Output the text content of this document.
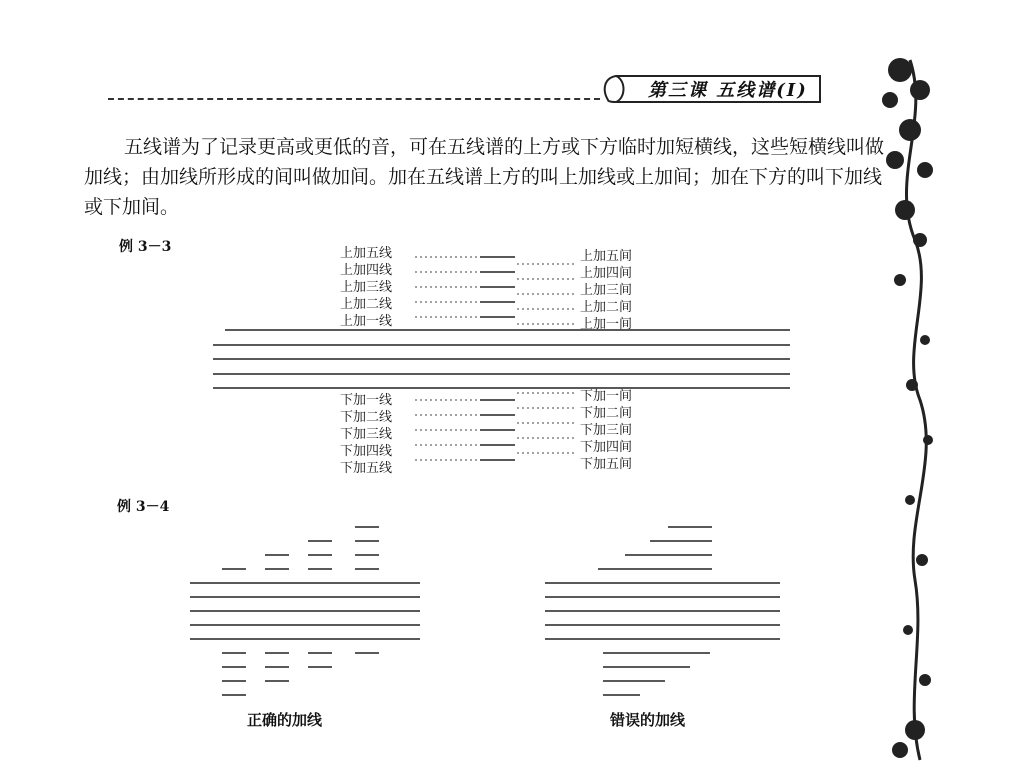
第三课 五线谱(Ⅰ)
五线谱为了记录更高或更低的音，可在五线谱的上方或下方临时加短横线，这些短横线叫做加线；由加线所形成的间叫做加间。加在五线谱上方的叫上加线或上加间；加在下方的叫下加线或下加间。
例 3－3
例 3－4
上加五线
上加四线
上加三线
上加二线
上加一线
上加五间
上加四间
上加三间
上加二间
上加一间
下加一线
下加二线
下加三线
下加四线
下加五线
下加一间
下加二间
下加三间
下加四间
下加五间
正确的加线	错误的加线
